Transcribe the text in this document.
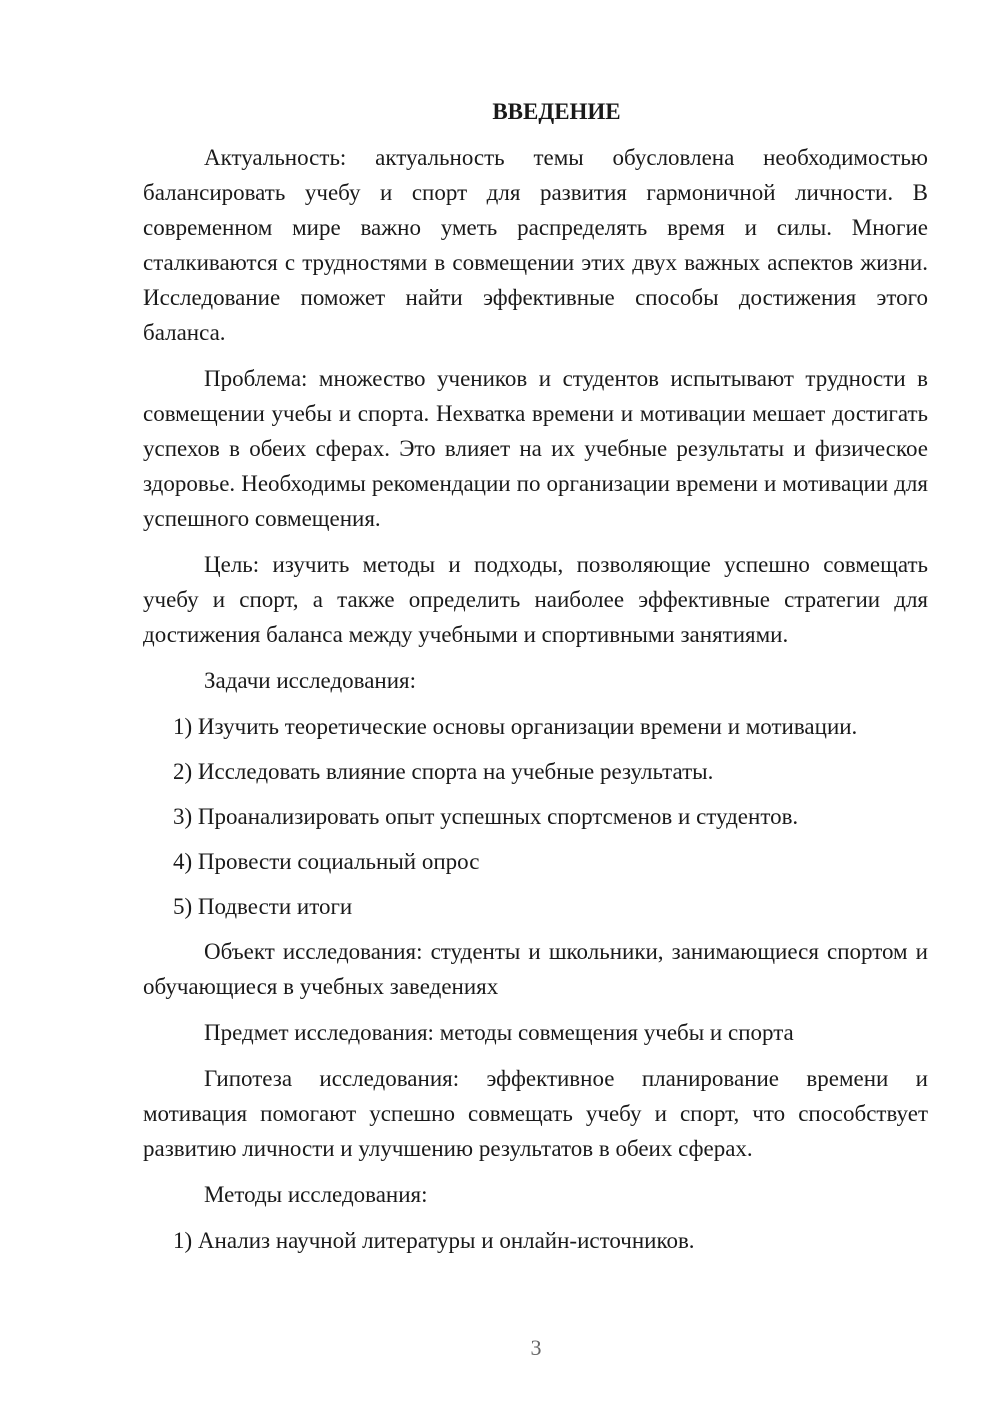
ВВЕДЕНИЕ

Актуальность: актуальность темы обусловлена необходимостью балансировать учебу и спорт для развития гармоничной личности. В современном мире важно уметь распределять время и силы. Многие сталкиваются с трудностями в совмещении этих двух важных аспектов жизни. Исследование поможет найти эффективные способы достижения этого баланса.

Проблема: множество учеников и студентов испытывают трудности в совмещении учебы и спорта. Нехватка времени и мотивации мешает достигать успехов в обеих сферах. Это влияет на их учебные результаты и физическое здоровье. Необходимы рекомендации по организации времени и мотивации для успешного совмещения.

Цель: изучить методы и подходы, позволяющие успешно совмещать учебу и спорт, а также определить наиболее эффективные стратегии для достижения баланса между учебными и спортивными занятиями.

Задачи исследования:

1) Изучить теоретические основы организации времени и мотивации.
2) Исследовать влияние спорта на учебные результаты.
3) Проанализировать опыт успешных спортсменов и студентов.
4) Провести социальный опрос
5) Подвести итоги

Объект исследования: студенты и школьники, занимающиеся спортом и обучающиеся в учебных заведениях

Предмет исследования: методы совмещения учебы и спорта

Гипотеза исследования: эффективное планирование времени и мотивация помогают успешно совмещать учебу и спорт, что способствует развитию личности и улучшению результатов в обеих сферах.

Методы исследования:

1) Анализ научной литературы и онлайн-источников.
3
